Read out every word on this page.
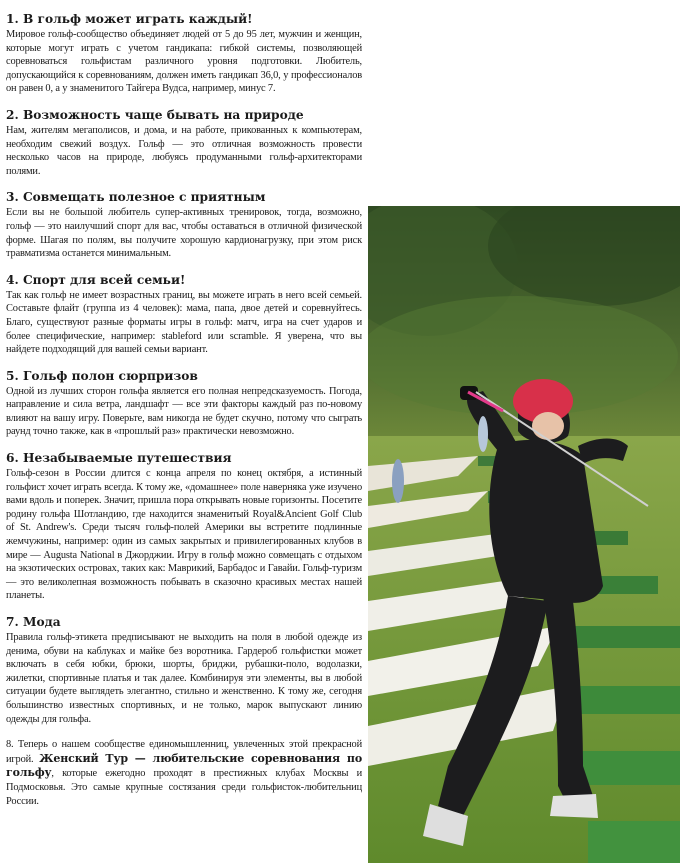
1. В гольф может играть каждый!

Мировое гольф-сообщество объединяет людей от 5 до 95 лет, мужчин и женщин, которые могут играть с учетом гандикапа: гибкой системы, позволяющей соревноваться гольфистам различного уровня подготовки. Любитель, допускающийся к соревнованиям, должен иметь гандикап 36,0, у профессионалов он равен 0, а у знаменитого Тайгера Вудса, например, минус 7.

2. Возможность чаще бывать на природе

Нам, жителям мегаполисов, и дома, и на работе, прикованных к компьютерам, необходим свежий воздух. Гольф — это отличная возможность провести несколько часов на природе, любуясь продуманными гольф-архитекторами полями.

3. Совмещать полезное с приятным

Если вы не большой любитель супер-активных тренировок, тогда, возможно, гольф — это наилучший спорт для вас, чтобы оставаться в отличной физической форме. Шагая по полям, вы получите хорошую кардионагрузку, при этом риск травматизма останется минимальным.

4. Спорт для всей семьи!

Так как гольф не имеет возрастных границ, вы можете играть в него всей семьей. Составьте флайт (группа из 4 человек): мама, папа, двое детей и соревнуйтесь. Благо, существуют разные форматы игры в гольф: матч, игра на счет ударов и более специфические, например: stableford или scramble. Я уверена, что вы найдете подходящий для вашей семьи вариант.

5. Гольф полон сюрпризов

Одной из лучших сторон гольфа является его полная непредсказуемость. Погода, направление и сила ветра, ландшафт — все эти факторы каждый раз по-новому влияют на вашу игру. Поверьте, вам никогда не будет скучно, потому что сыграть раунд точно также, как в «прошлый раз» практически невозможно.

6. Незабываемые путешествия

Гольф-сезон в России длится с конца апреля по конец октября, а истинный гольфист хочет играть всегда. К тому же, «домашнее» поле наверняка уже изучено вами вдоль и поперек. Значит, пришла пора открывать новые горизонты. Посетите родину гольфа Шотландию, где находится знаменитый Royal&Ancient Golf Club of St. Andrew's. Среди тысяч гольф-полей Америки вы встретите подлинные жемчужины, например: один из самых закрытых и привилегированных клубов в мире — Augusta National в Джорджии. Игру в гольф можно совмещать с отдыхом на экзотических островах, таких как: Маврикий, Барбадос и Гавайи. Гольф-туризм — это великолепная возможность побывать в сказочно красивых местах нашей планеты.

7. Мода

Правила гольф-этикета предписывают не выходить на поля в любой одежде из денима, обуви на каблуках и майке без воротника. Гардероб гольфистки может включать в себя юбки, брюки, шорты, бриджи, рубашки-поло, водолазки, жилетки, спортивные платья и так далее. Комбинируя эти элементы, вы в любой ситуации будете выглядеть элегантно, стильно и женственно. К тому же, сегодня большинство известных спортивных, и не только, марок выпускают линию одежды для гольфа.

8. Теперь о нашем сообществе единомышленниц, увлеченных этой прекрасной игрой. Женский Тур — любительские соревнования по гольфу, которые ежегодно проходят в престижных клубах Москвы и Подмосковья. Это самые крупные состязания среди гольфисток-любительниц России.
